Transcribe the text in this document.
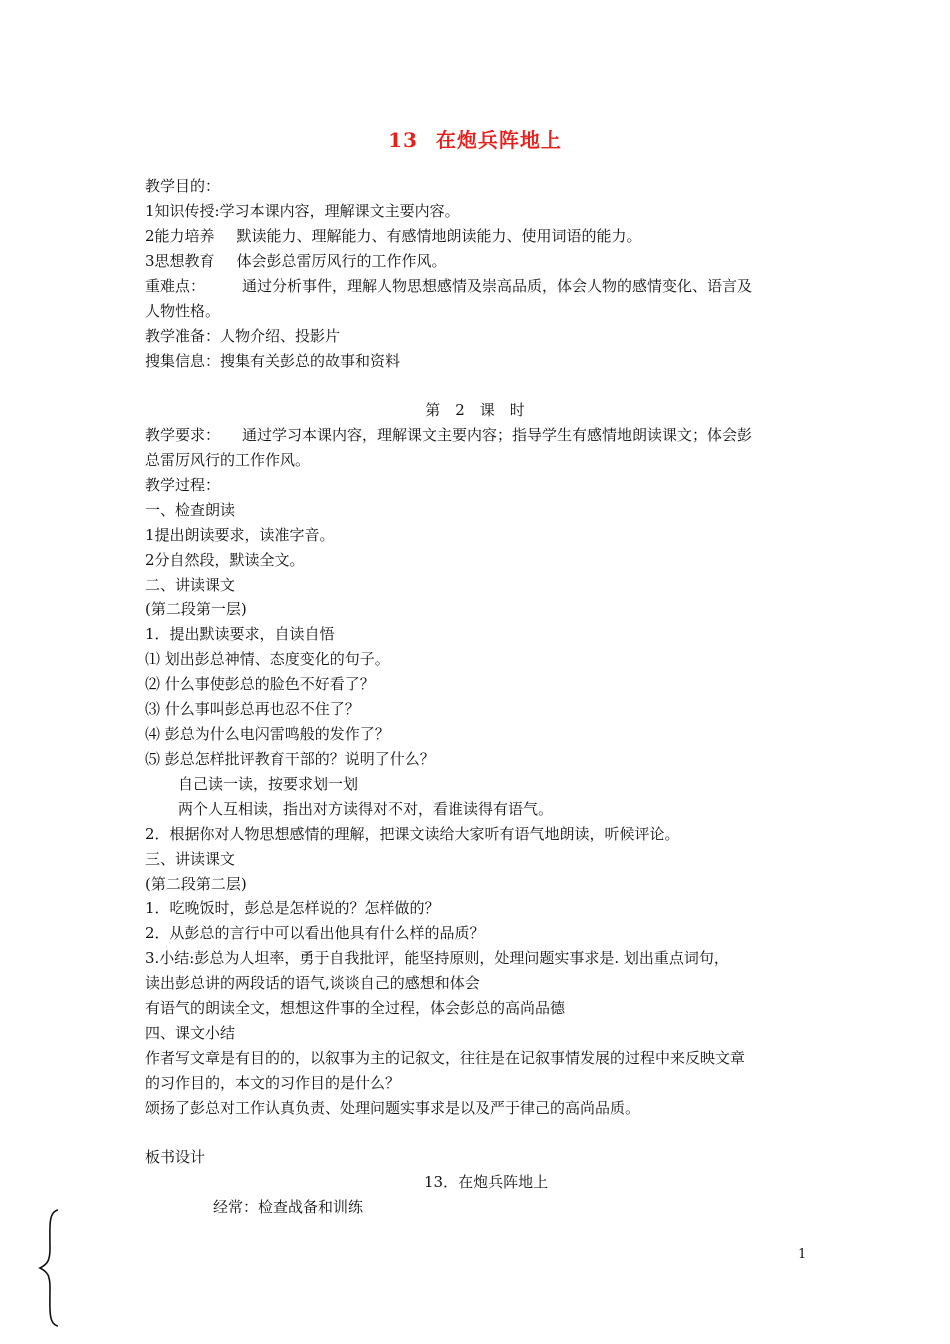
13 在炮兵阵地上
教学目的：
1知识传授:学习本课内容，理解课文主要内容。
2能力培养 默读能力、理解能力、有感情地朗读能力、使用词语的能力。
3思想教育 体会彭总雷厉风行的工作作风。
重难点： 通过分析事件，理解人物思想感情及崇高品质，体会人物的感情变化、语言及
人物性格。
教学准备：人物介绍、投影片
搜集信息：搜集有关彭总的故事和资料
第　2　课　时
教学要求： 通过学习本课内容，理解课文主要内容；指导学生有感情地朗读课文；体会彭
总雷厉风行的工作作风。
教学过程：
一、检查朗读
1提出朗读要求，读准字音。
2分自然段，默读全文。
二、讲读课文
(第二段第一层)
1．提出默读要求，自读自悟
⑴ 划出彭总神情、态度变化的句子。
⑵ 什么事使彭总的脸色不好看了？
⑶ 什么事叫彭总再也忍不住了？
⑷ 彭总为什么电闪雷鸣般的发作了？
⑸ 彭总怎样批评教育干部的？说明了什么？
自己读一读，按要求划一划
两个人互相读，指出对方读得对不对，看谁读得有语气。
2．根据你对人物思想感情的理解，把课文读给大家听有语气地朗读，听候评论。
三、讲读课文
(第二段第二层)
1．吃晚饭时，彭总是怎样说的？怎样做的？
2．从彭总的言行中可以看出他具有什么样的品质？
3.小结:彭总为人坦率，勇于自我批评，能坚持原则，处理问题实事求是. 划出重点词句，
读出彭总讲的两段话的语气,谈谈自己的感想和体会
有语气的朗读全文，想想这件事的全过程，体会彭总的高尚品德
四、课文小结
作者写文章是有目的的，以叙事为主的记叙文，往往是在记叙事情发展的过程中来反映文章
的习作目的，本文的习作目的是什么？
颂扬了彭总对工作认真负责、处理问题实事求是以及严于律己的高尚品质。
板书设计
13．在炮兵阵地上
经常：检查战备和训练
1
